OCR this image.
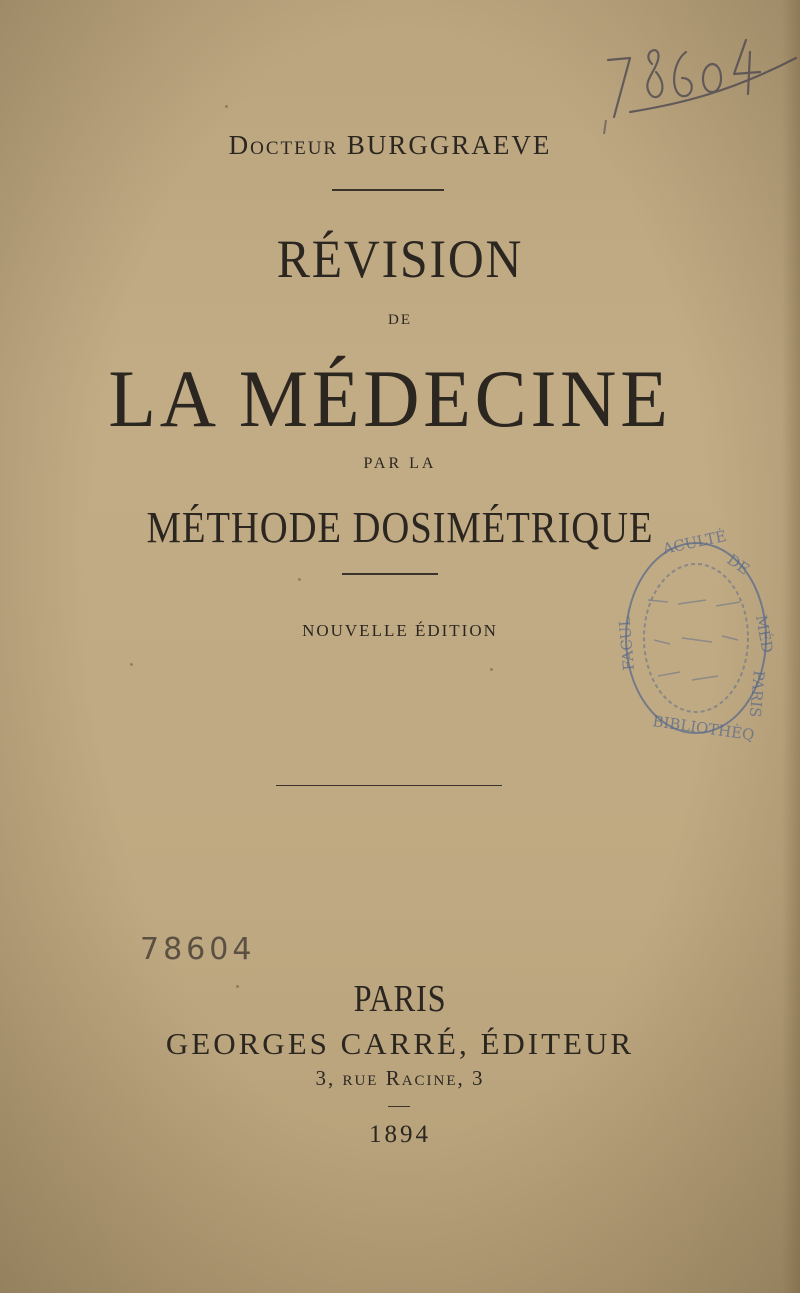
Docteur BURGGRAEVE
RÉVISION
DE
LA MÉDECINE
PAR LA
MÉTHODE DOSIMÉTRIQUE
NOUVELLE ÉDITION
ACULTÉ
DE
MÉD
PARIS
BIBLIOTHÈQ
FACUL
78604
PARIS
GEORGES CARRÉ, ÉDITEUR
3, rue Racine, 3
1894
